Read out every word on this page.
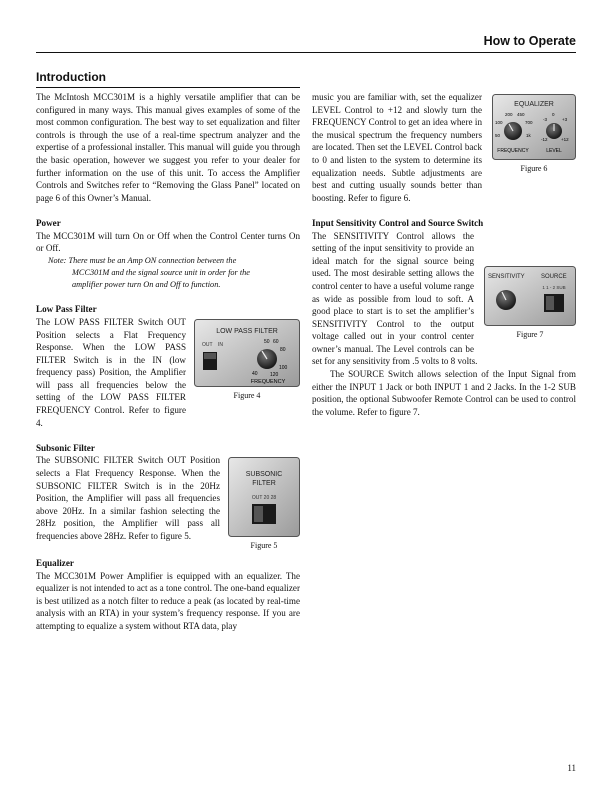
How to Operate
Introduction

The McIntosh MCC301M is a highly versatile amplifier that can be configured in many ways. This manual gives examples of some of the most common configuration. The best way to set equalization and filter controls is through the use of a real-time spectrum analyzer and the expertise of a professional installer. This manual will guide you through the basic operation, however we suggest you refer to your dealer for further information on the use of this unit. To access the Amplifier Controls and Switches refer to “Removing the Glass Panel” located on page 6 of this Owner’s Manual.

Power

The MCC301M will turn On or Off when the Control Center turns On or Off.

Note: There must be an Amp ON connection between the
MCC301M and the signal source unit in order for the
amplifier power turn On and Off to function.
Low Pass Filter

LOW PASS FILTER
OUT IN	50 60
80
100
120
40
FREQUENCY
Figure 4
The LOW PASS FILTER Switch OUT Position selects a Flat Frequency Response. When the LOW PASS FILTER Switch is in the IN (low frequency pass) Position, the Amplifier will pass all frequencies below the setting of the LOW PASS FILTER FREQUENCY Control. Refer to figure 4.

Subsonic Filter

SUBSONIC
FILTER
OUT 20 28
Figure 5
The SUBSONIC FILTER Switch OUT Position selects a Flat Frequency Response. When the SUBSONIC FILTER Switch is in the 20Hz Position, the Amplifier will pass all frequencies above 20Hz. In a similar fashion selecting the 28Hz position, the Amplifier will pass all frequencies above 28Hz. Refer to figure 5.

Equalizer

The MCC301M Power Amplifier is equipped with an equalizer. The equalizer is not intended to act as a tone control. The one-band equalizer is best utilized as a notch filter to reduce a peak (as located by real-time analysis with an RTA) in your system’s frequency response. If you are attempting to equalize a system without RTA data, play

EQUALIZER
200 450
100	700
50	1k
FREQUENCY
0
-3	+3
-12	+12
LEVEL
Figure 6
music you are familiar with, set the equalizer LEVEL Control to +12 and slowly turn the FREQUENCY Control to get an idea where in the musical spectrum the frequency numbers are located. Then set the LEVEL Control back to 0 and listen to the system to determine its equalization needs. Subtle adjustments are best and cutting usually sounds better than boosting. Refer to figure 6.

Input Sensitivity Control and Source Switch

SENSITIVITY	SOURCE
1 1 - 2 SUB
Figure 7
The SENSITIVITY Control allows the setting of the input sensitivity to provide an ideal match for the signal source being used. The most desirable setting allows the control center to have a useful volume range as wide as possible from loud to soft. A good place to start is to set the amplifier’s SENSITIVITY Control to the output voltage called out in your control center owner’s manual. The Level controls can be set for any sensitivity from .5 volts to 8 volts.

The SOURCE Switch allows selection of the Input Signal from either the INPUT 1 Jack or both INPUT 1 and 2 Jacks. In the 1-2 SUB position, the optional Subwoofer Remote Control can be used to control the volume. Refer to figure 7.

11
